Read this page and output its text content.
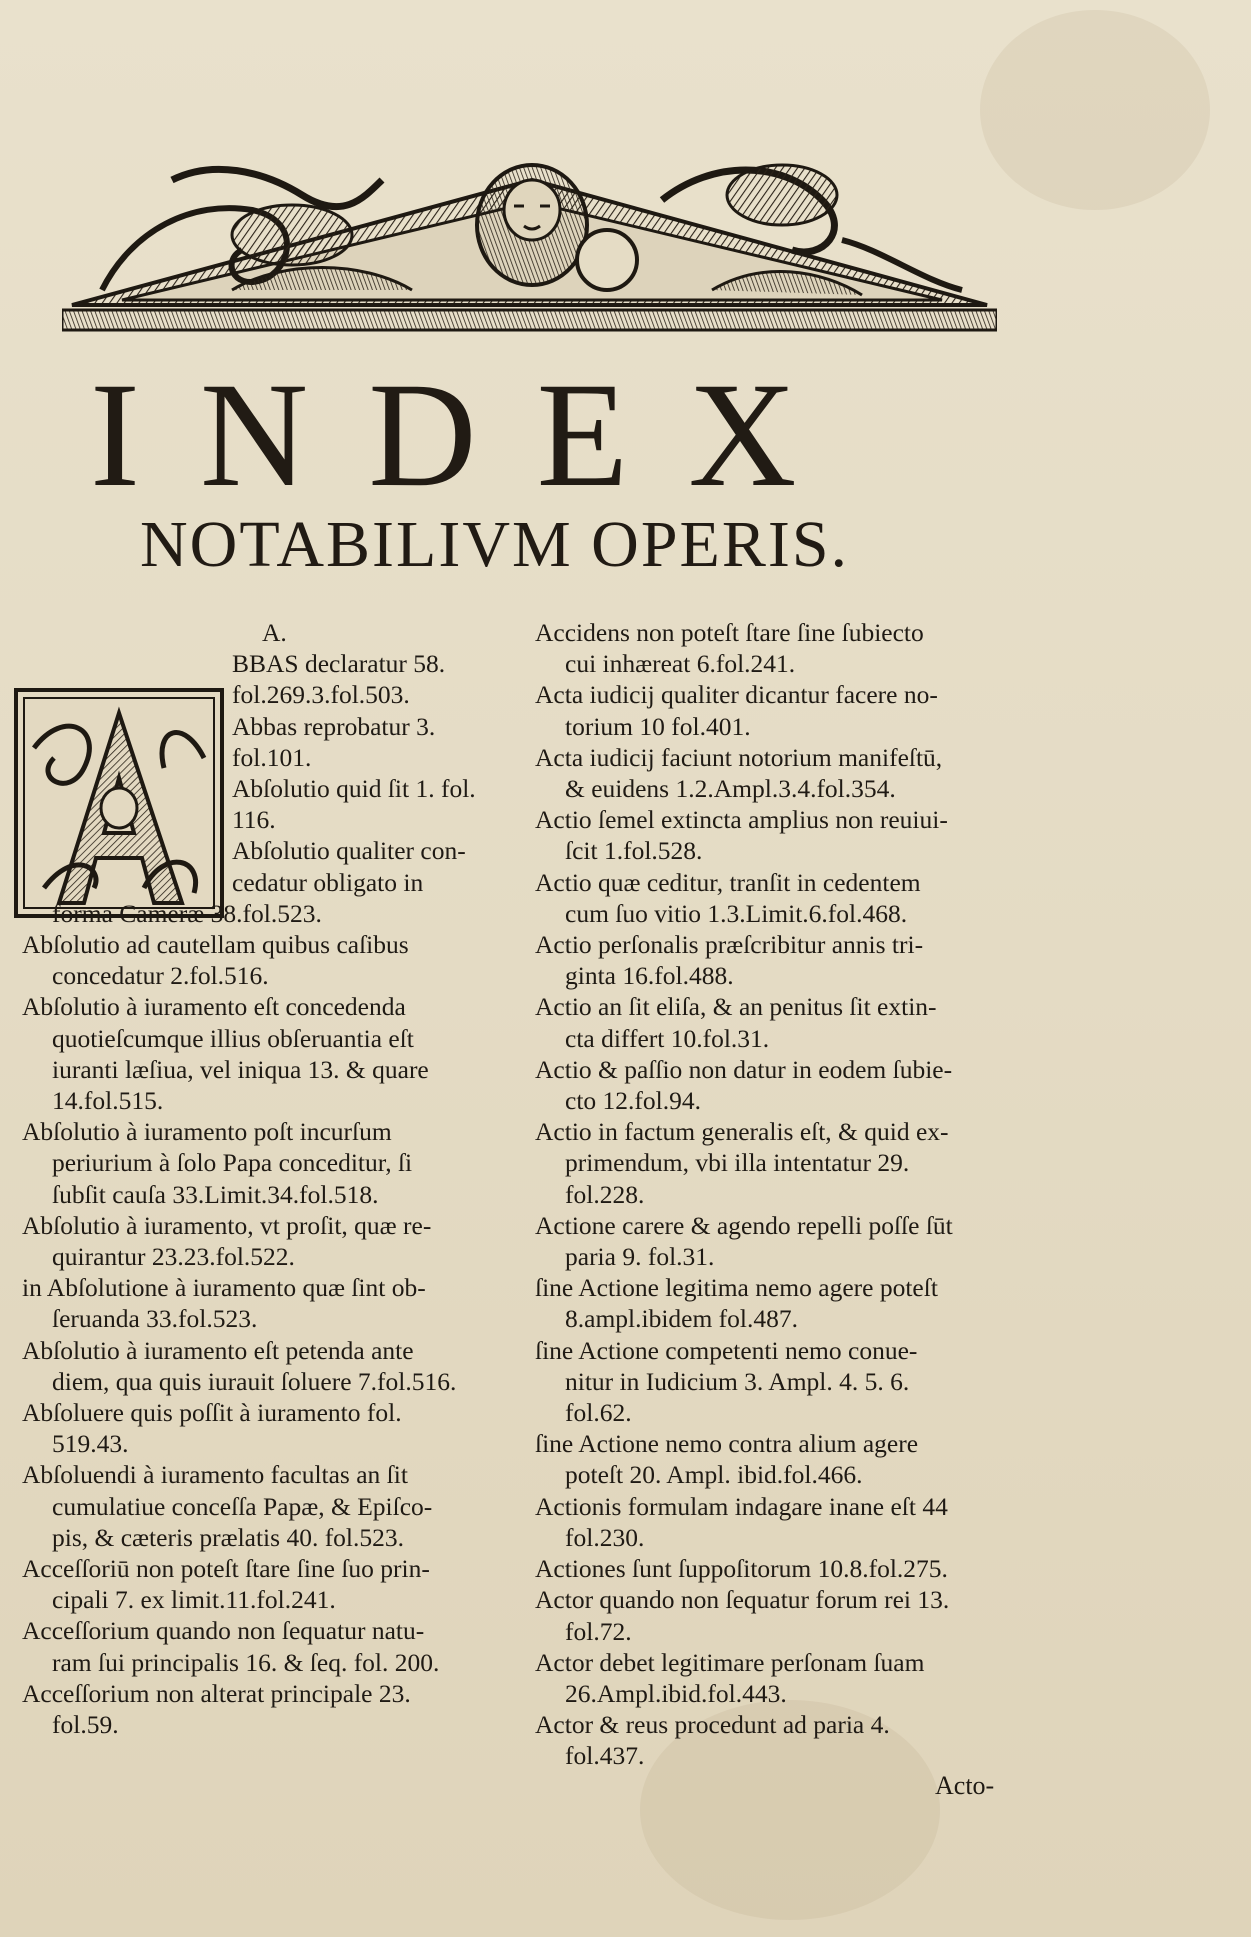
INDEX
NOTABILIVM OPERIS.
A.
BBAS declaratur 58.
fol.269.3.fol.503.
Abbas reprobatur 3.
fol.101.
Abſolutio quid ſit 1. fol.
116.
Abſolutio qualiter con-
cedatur obligato in
forma Cameræ 38.fol.523.
Abſolutio ad cautellam quibus caſibus
concedatur 2.fol.516.
Abſolutio à iuramento eſt concedenda
quotieſcumque illius obſeruantia eſt
iuranti læſiua, vel iniqua 13. & quare
14.fol.515.
Abſolutio à iuramento poſt incurſum
periurium à ſolo Papa conceditur, ſi
ſubſit cauſa 33.Limit.34.fol.518.
Abſolutio à iuramento, vt proſit, quæ re-
quirantur 23.23.fol.522.
in Abſolutione à iuramento quæ ſint ob-
ſeruanda 33.fol.523.
Abſolutio à iuramento eſt petenda ante
diem, qua quis iurauit ſoluere 7.fol.516.
Abſoluere quis poſſit à iuramento fol.
519.43.
Abſoluendi à iuramento facultas an ſit
cumulatiue conceſſa Papæ, & Epiſco-
pis, & cæteris prælatis 40. fol.523.
Acceſſoriū non poteſt ſtare ſine ſuo prin-
cipali 7. ex limit.11.fol.241.
Acceſſorium quando non ſequatur natu-
ram ſui principalis 16. & ſeq. fol. 200.
Acceſſorium non alterat principale 23.
fol.59.
Accidens non poteſt ſtare ſine ſubiecto
cui inhæreat 6.fol.241.
Acta iudicij qualiter dicantur facere no-
torium 10 fol.401.
Acta iudicij faciunt notorium manifeſtū,
& euidens 1.2.Ampl.3.4.fol.354.
Actio ſemel extincta amplius non reuiui-
ſcit 1.fol.528.
Actio quæ ceditur, tranſit in cedentem
cum ſuo vitio 1.3.Limit.6.fol.468.
Actio perſonalis præſcribitur annis tri-
ginta 16.fol.488.
Actio an ſit eliſa, & an penitus ſit extin-
cta differt 10.fol.31.
Actio & paſſio non datur in eodem ſubie-
cto 12.fol.94.
Actio in factum generalis eſt, & quid ex-
primendum, vbi illa intentatur 29.
fol.228.
Actione carere & agendo repelli poſſe ſūt
paria 9. fol.31.
ſine Actione legitima nemo agere poteſt
8.ampl.ibidem fol.487.
ſine Actione competenti nemo conue-
nitur in Iudicium 3. Ampl. 4. 5. 6.
fol.62.
ſine Actione nemo contra alium agere
poteſt 20. Ampl. ibid.fol.466.
Actionis formulam indagare inane eſt 44
fol.230.
Actiones ſunt ſuppoſitorum 10.8.fol.275.
Actor quando non ſequatur forum rei 13.
fol.72.
Actor debet legitimare perſonam ſuam
26.Ampl.ibid.fol.443.
Actor & reus procedunt ad paria 4.
fol.437.
Acto-
